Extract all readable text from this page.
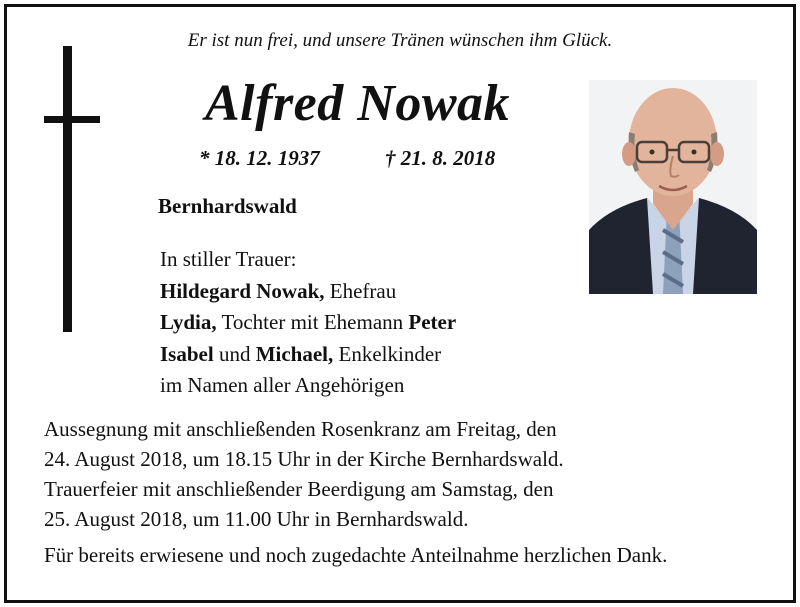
Er ist nun frei, und unsere Tränen wünschen ihm Glück.
Alfred Nowak
* 18. 12. 1937	† 21. 8. 2018
Bernhardswald
In stiller Trauer:
Hildegard Nowak, Ehefrau
Lydia, Tochter mit Ehemann Peter
Isabel und Michael, Enkelkinder
im Namen aller Angehörigen
Aussegnung mit anschließenden Rosenkranz am Freitag, den
24. August 2018, um 18.15 Uhr in der Kirche Bernhardswald.
Trauerfeier mit anschließender Beerdigung am Samstag, den
25. August 2018, um 11.00 Uhr in Bernhardswald.
Für bereits erwiesene und noch zugedachte Anteilnahme herzlichen Dank.
